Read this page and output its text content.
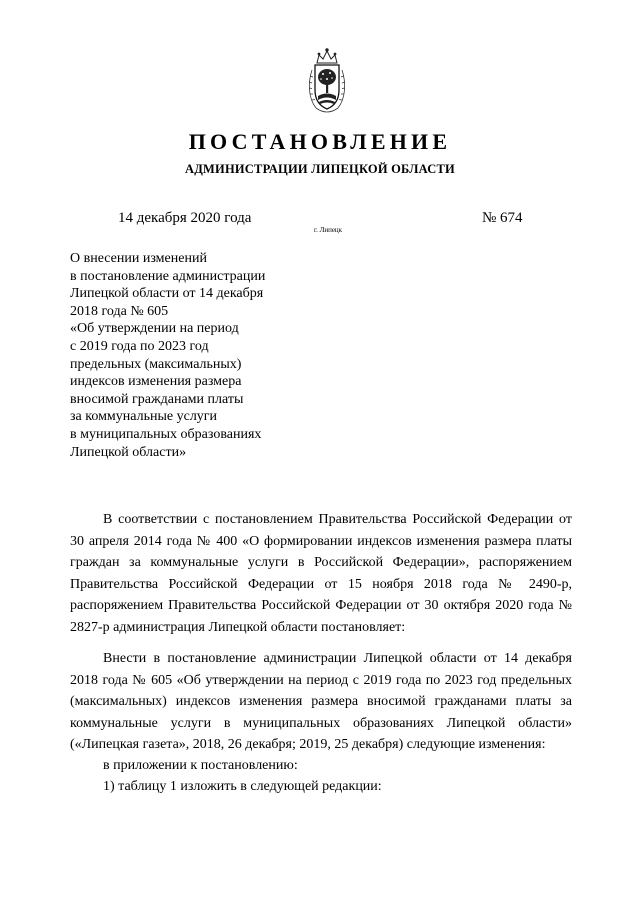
ПОСТАНОВЛЕНИЕ
АДМИНИСТРАЦИИ ЛИПЕЦКОЙ ОБЛАСТИ
14 декабря 2020 года
г. Липецк
№ 674
О внесении изменений
в постановление администрации
Липецкой области от 14 декабря
2018 года № 605
«Об утверждении на период
с 2019 года по 2023 год
предельных (максимальных)
индексов изменения размера
вносимой гражданами платы
за коммунальные услуги
в муниципальных образованиях
Липецкой области»
В соответствии с постановлением Правительства Российской Федерации от 30 апреля 2014 года № 400 «О формировании индексов изменения размера платы граждан за коммунальные услуги в Российской Федерации», распоряжением Правительства Российской Федерации от 15 ноября 2018 года № 2490-р, распоряжением Правительства Российской Федерации от 30 октября 2020 года № 2827-р администрация Липецкой области постановляет:
Внести в постановление администрации Липецкой области от 14 декабря 2018 года № 605 «Об утверждении на период с 2019 года по 2023 год предельных (максимальных) индексов изменения размера вносимой гражданами платы за коммунальные услуги в муниципальных образованиях Липецкой области» («Липецкая газета», 2018, 26 декабря; 2019, 25 декабря) следующие изменения:
в приложении к постановлению:
1) таблицу 1 изложить в следующей редакции:
